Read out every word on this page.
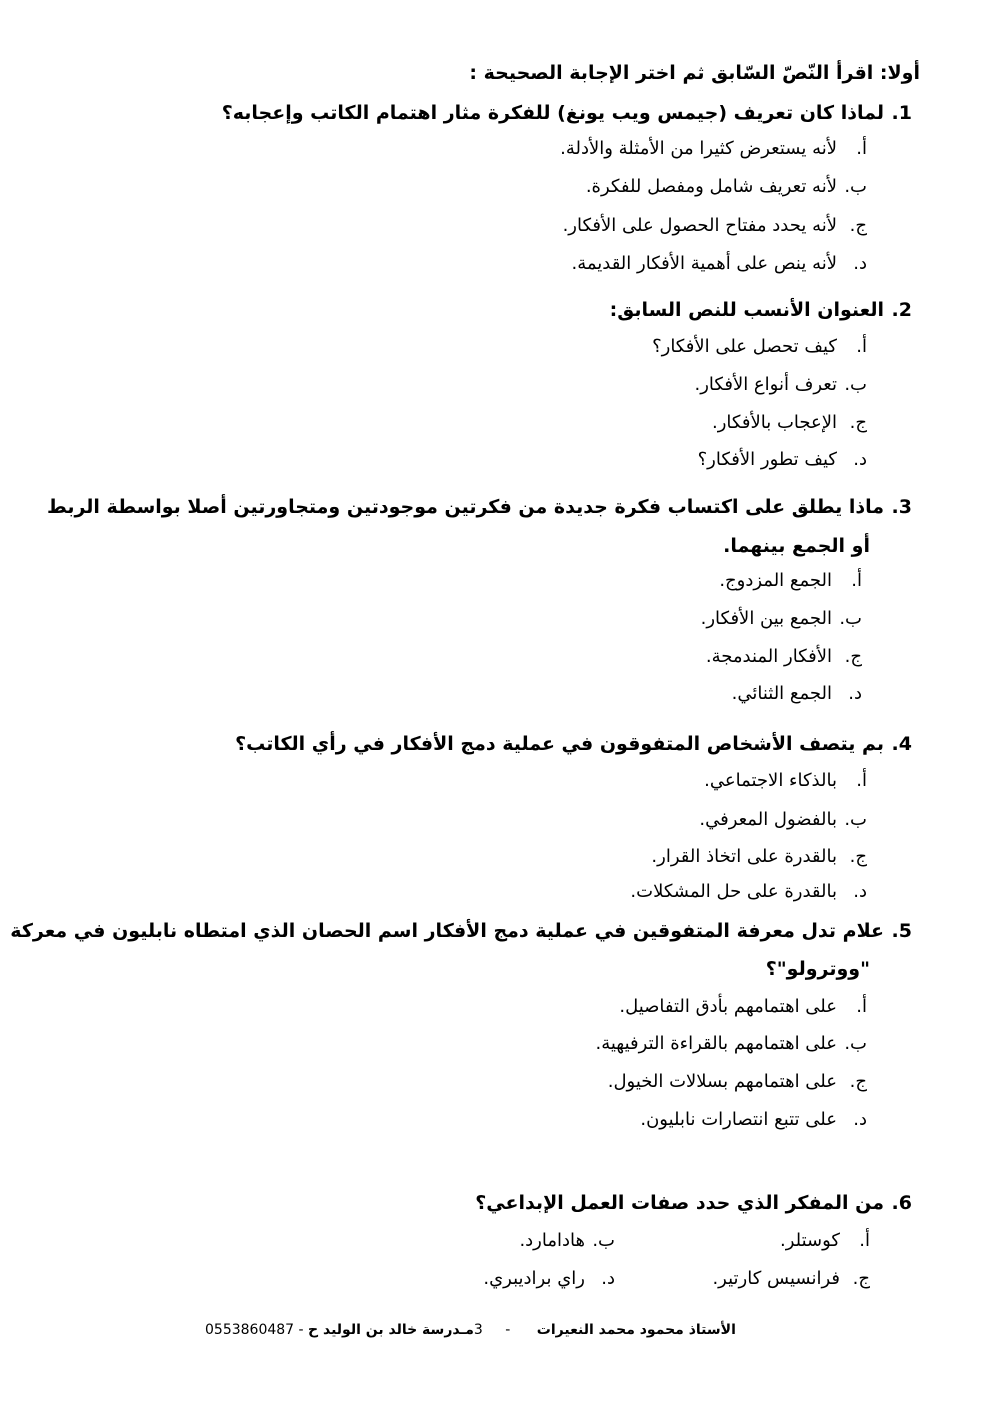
أولا: اقرأ النّصّ السّابق ثم اختر الإجابة الصحيحة :
1.لماذا كان تعريف (جيمس ويب يونغ) للفكرة مثار اهتمام الكاتب وإعجابه؟
أ.لأنه يستعرض كثيرا من الأمثلة والأدلة.
ب.لأنه تعريف شامل ومفصل للفكرة.
ج.لأنه يحدد مفتاح الحصول على الأفكار.
د.لأنه ينص على أهمية الأفكار القديمة.
2.العنوان الأنسب للنص السابق:
أ.كيف تحصل على الأفكار؟
ب.تعرف أنواع الأفكار.
ج.الإعجاب بالأفكار.
د.كيف تطور الأفكار؟
3.ماذا يطلق على اكتساب فكرة جديدة من فكرتين موجودتين ومتجاورتين أصلا بواسطة الربط
أو الجمع بينهما.
أ.الجمع المزدوج.
ب.الجمع بين الأفكار.
ج.الأفكار المندمجة.
د.الجمع الثنائي.
4.بم يتصف الأشخاص المتفوقون في عملية دمج الأفكار في رأي الكاتب؟
أ.بالذكاء الاجتماعي.
ب.بالفضول المعرفي.
ج.بالقدرة على اتخاذ القرار.
د.بالقدرة على حل المشكلات.
5.علام تدل معرفة المتفوقين في عملية دمج الأفكار اسم الحصان الذي امتطاه نابليون في معركة
"ووترولو"؟
أ.على اهتمامهم بأدق التفاصيل.
ب.على اهتمامهم بالقراءة الترفيهية.
ج.على اهتمامهم بسلالات الخيول.
د.على تتبع انتصارات نابليون.
6.من المفكر الذي حدد صفات العمل الإبداعي؟
أ.كوستلر.
ب.هادامارد.
ج.فرانسيس كارتير.
د.راي براديبري.
0553860487 -	الأستاذ محمود محمد النعيرات - 3مـدرسة خالد بن الوليد ح
